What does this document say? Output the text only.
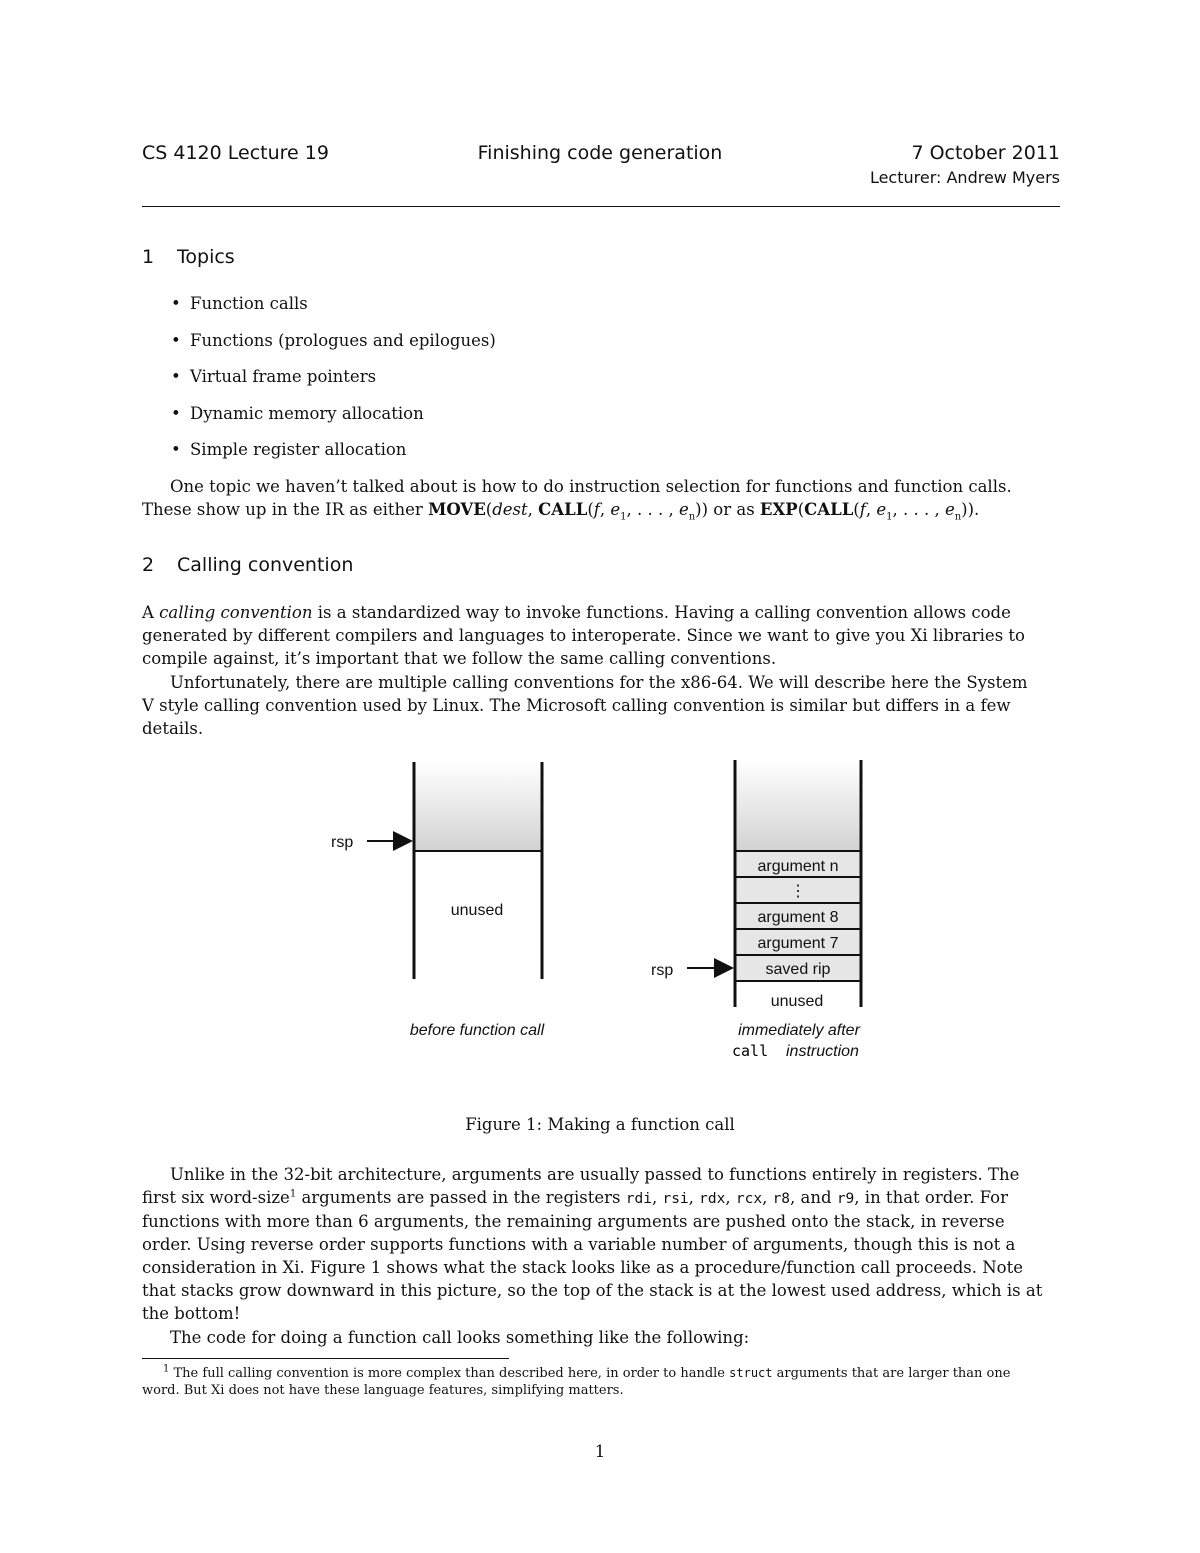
CS 4120 Lecture 19	Finishing code generation	7 October 2011
Lecturer: Andrew Myers
1 Topics
• Function calls
• Functions (prologues and epilogues)
• Virtual frame pointers
• Dynamic memory allocation
• Simple register allocation
One topic we haven’t talked about is how to do instruction selection for functions and function calls.
These show up in the IR as either MOVE(dest, CALL(f, $e_1$, . . . , $e_n$)) or as EXP(CALL(f, $e_1$, . . . , $e_n$)).
2 Calling convention
A calling convention is a standardized way to invoke functions. Having a calling convention allows code
generated by different compilers and languages to interoperate. Since we want to give you Xi libraries to
compile against, it’s important that we follow the same calling conventions.
Unfortunately, there are multiple calling conventions for the x86-64. We will describe here the System
V style calling convention used by Linux. The Microsoft calling convention is similar but differs in a few
details.
rsp
unused
before function call
argument n
⋮
argument 8
argument 7
saved rip
rsp
unused
immediately after
call instruction
Figure 1: Making a function call
Unlike in the 32-bit architecture, arguments are usually passed to functions entirely in registers. The
first six word-size$^1$ arguments are passed in the registers rdi, rsi, rdx, rcx, r8, and r9, in that order. For
functions with more than 6 arguments, the remaining arguments are pushed onto the stack, in reverse
order. Using reverse order supports functions with a variable number of arguments, though this is not a
consideration in Xi. Figure 1 shows what the stack looks like as a procedure/function call proceeds. Note
that stacks grow downward in this picture, so the top of the stack is at the lowest used address, which is at
the bottom!
The code for doing a function call looks something like the following:
$^1$ The full calling convention is more complex than described here, in order to handle struct arguments that are larger than one
word. But Xi does not have these language features, simplifying matters.
1
